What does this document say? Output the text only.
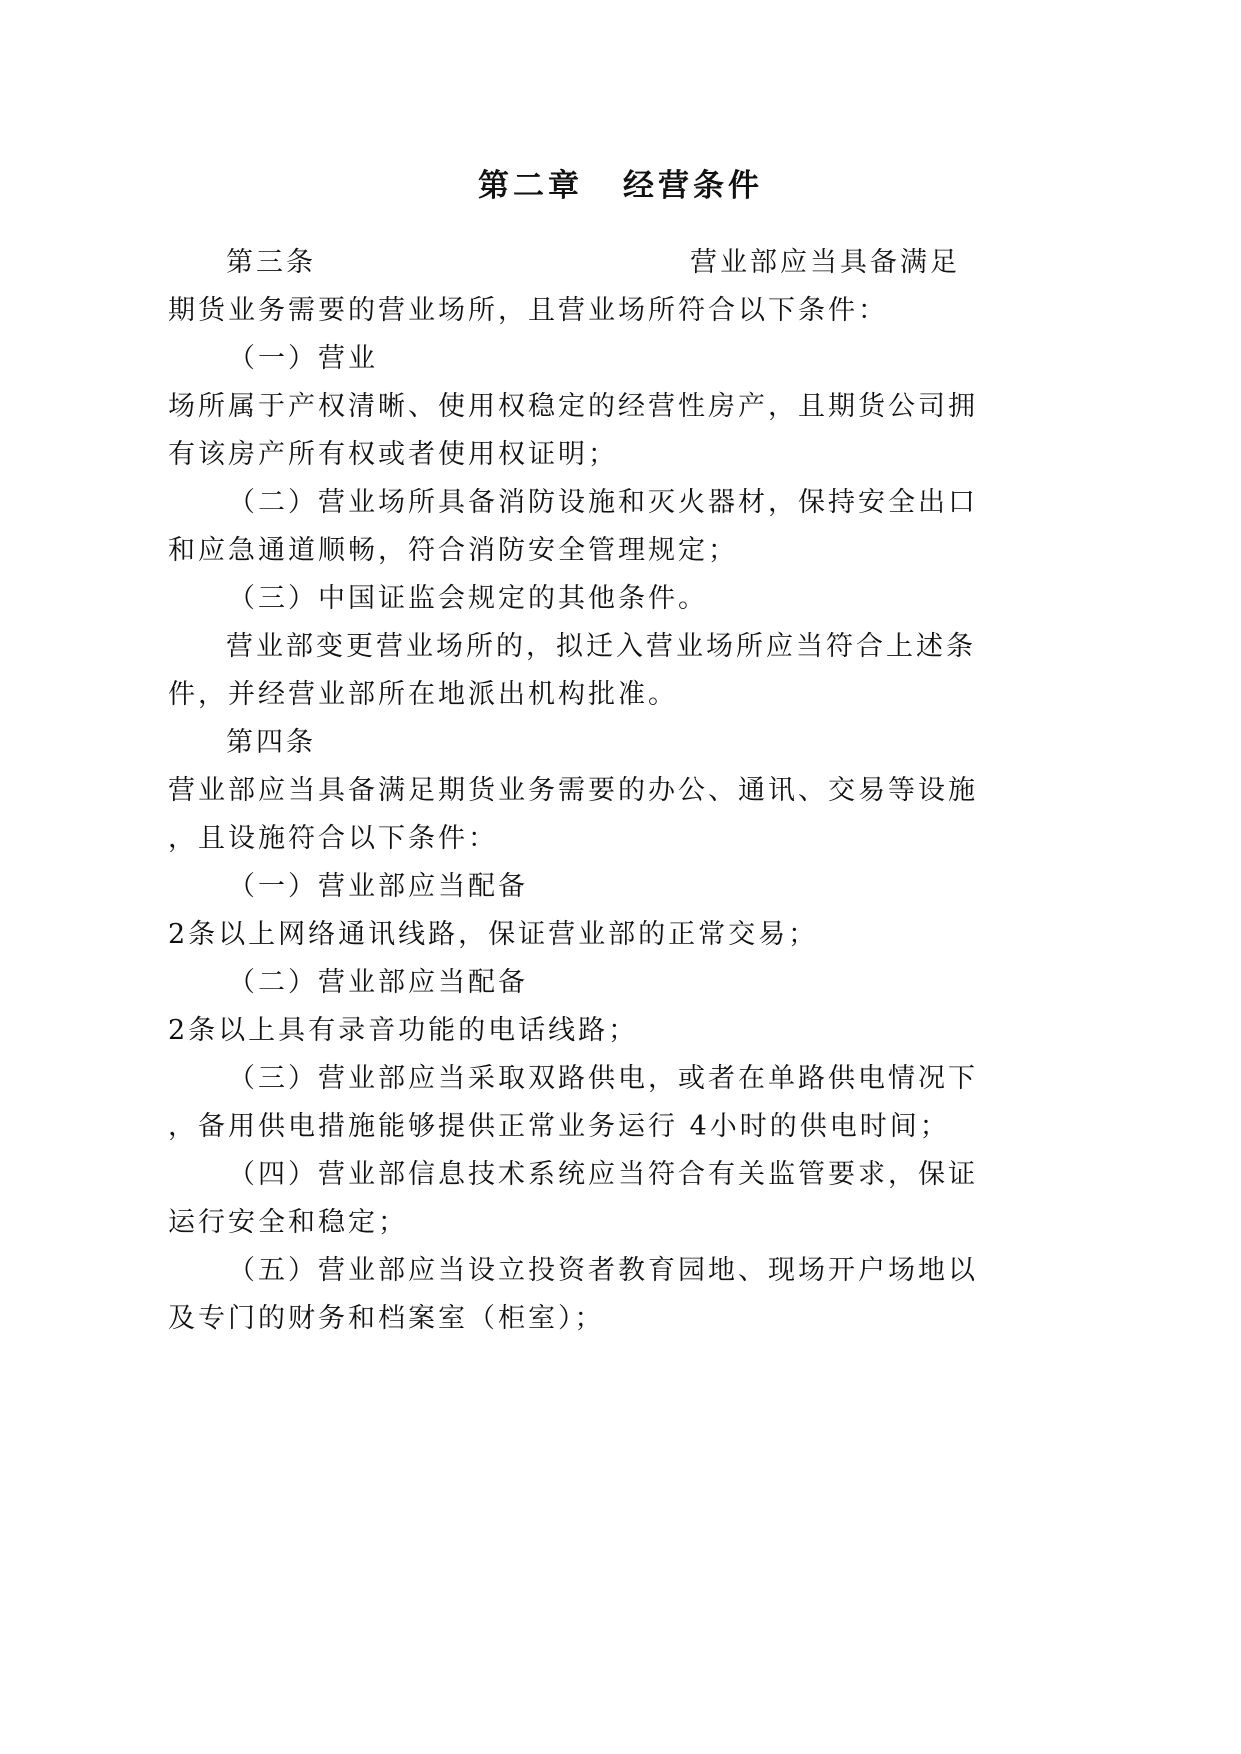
第二章 经营条件
第三条	营业部应当具备满足
期货业务需要的营业场所，且营业场所符合以下条件：
（一）营业
场所属于产权清晰、使用权稳定的经营性房产，且期货公司拥
有该房产所有权或者使用权证明；
（二）营业场所具备消防设施和灭火器材，保持安全出口
和应急通道顺畅，符合消防安全管理规定；
（三）中国证监会规定的其他条件。
营业部变更营业场所的，拟迁入营业场所应当符合上述条
件，并经营业部所在地派出机构批准。
第四条
营业部应当具备满足期货业务需要的办公、通讯、交易等设施
，且设施符合以下条件：
（一）营业部应当配备
2条以上网络通讯线路，保证营业部的正常交易；
（二）营业部应当配备
2条以上具有录音功能的电话线路；
（三）营业部应当采取双路供电，或者在单路供电情况下
，备用供电措施能够提供正常业务运行 4小时的供电时间；
（四）营业部信息技术系统应当符合有关监管要求，保证
运行安全和稳定；
（五）营业部应当设立投资者教育园地、现场开户场地以
及专门的财务和档案室（柜室）；
